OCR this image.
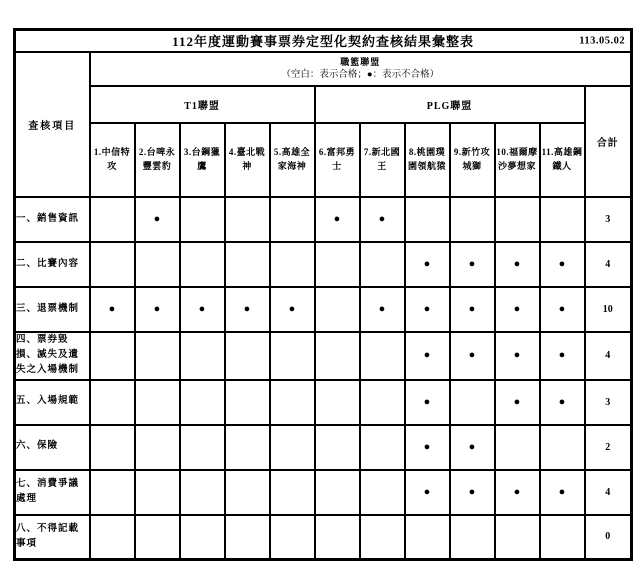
112年度運動賽事票券定型化契約查核結果彙整表 113.05.02												

查核項目	職籃聯盟
（空白：表示合格；●：表示不合格）											

	T1聯盟					PLG聯盟						合計
	1.中信特攻	2.台啤永豐雲豹	3.台鋼獵鷹	4.臺北戰神	5.高雄全家海神	6.富邦勇士	7.新北國王	8.桃園璞園領航猿	9.新竹攻城獅	10.福爾摩沙夢想家	11.高雄鋼鐵人	
一、銷售資訊		●				●	●					3
二、比賽內容								●	●	●	●	4
三、退票機制	●	●	●	●	●		●	●	●	●	●	10
四、票券毀損、滅失及遺失之入場機制								●	●	●	●	4
五、入場規範								●		●	●	3
六、保險								●	●			2
七、消費爭議處理								●	●	●	●	4
八、不得記載事項												0
